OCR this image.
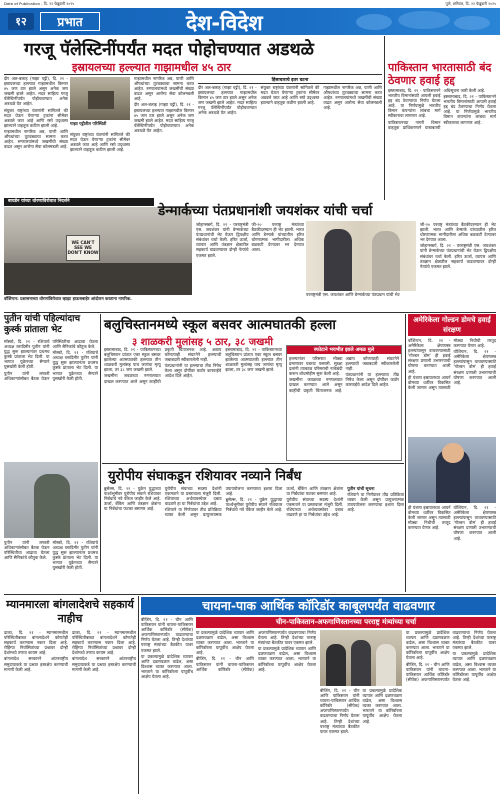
Date of Publication - दि. २२ फेब्रुवारी २०२५	पुणे, शनिवार, दि. २२ फेब्रुवारी २०२५
१२	प्रभात	देश-विदेश
गरजू पॅलेस्टिनींपर्यंत मदत पोहोचण्यात अडथळे
इस्रायलच्या हल्ल्यात गाझामधील ४५ ठार

दीर अल-बलाह (गाझा पट्टी), दि. २१ - इस्रायलच्या हल्ल्यात गाझामधील किमान ४५ जण ठार झाले असून अनेक जण जखमी झाले आहेत. मदत साहित्य गरजू पॅलेस्टिनींपर्यंत पोहोचवण्यात अनेक अडथळे येत आहेत.

संयुक्त राष्ट्रांच्या यंत्रणांनी सांगितले की मदत घेऊन येणाऱ्या ट्रकांना सीमेवर अडवले जात आहे आणि रस्ते उद्ध्वस्त झाल्याने वाहतूक कठीण झाली आहे.

गाझामधील नागरिक अन्न, पाणी आणि औषधांच्या तुटवड्याचा सामना करत आहेत. रुग्णालयांमध्ये जखमींची संख्या वाढत असून आरोग्य सेवा कोलमडली आहे.

गाझा पट्टीतील परिस्थिती

संयुक्त राष्ट्रांच्या यंत्रणांनी सांगितले की मदत घेऊन येणाऱ्या ट्रकांना सीमेवर अडवले जात आहे आणि रस्ते उद्ध्वस्त झाल्याने वाहतूक कठीण झाली आहे.

गाझामधील नागरिक अन्न, पाणी आणि औषधांच्या तुटवड्याचा सामना करत आहेत. रुग्णालयांमध्ये जखमींची संख्या वाढत असून आरोग्य सेवा कोलमडली आहे.

दीर अल-बलाह (गाझा पट्टी), दि. २१ - इस्रायलच्या हल्ल्यात गाझामधील किमान ४५ जण ठार झाले असून अनेक जण जखमी झाले आहेत. मदत साहित्य गरजू पॅलेस्टिनींपर्यंत पोहोचवण्यात अनेक अडथळे येत आहेत.

हिंसाचाराचे इतर घटना

दीर अल-बलाह (गाझा पट्टी), दि. २१ - इस्रायलच्या हल्ल्यात गाझामधील किमान ४५ जण ठार झाले असून अनेक जण जखमी झाले आहेत. मदत साहित्य गरजू पॅलेस्टिनींपर्यंत पोहोचवण्यात अनेक अडथळे येत आहेत.

संयुक्त राष्ट्रांच्या यंत्रणांनी सांगितले की मदत घेऊन येणाऱ्या ट्रकांना सीमेवर अडवले जात आहे आणि रस्ते उद्ध्वस्त झाल्याने वाहतूक कठीण झाली आहे.

गाझामधील नागरिक अन्न, पाणी आणि औषधांच्या तुटवड्याचा सामना करत आहेत. रुग्णालयांमध्ये जखमींची संख्या वाढत असून आरोग्य सेवा कोलमडली आहे.

पाकिस्तान भारतासाठी बंद ठेवणार हवाई हद्द

इस्लामाबाद, दि. २१ - पाकिस्तानने भारतीय विमानांसाठी आपली हवाई हद्द बंद ठेवण्याचा निर्णय घेतला आहे. या निर्णयामुळे भारतीय विमान कंपन्यांना लांबचा मार्ग स्वीकारावा लागणार आहे.

पाकिस्तानच्या नागरी विमान वाहतूक प्राधिकरणाने याबाबतची अधिसूचना जारी केली आहे.

इस्लामाबाद, दि. २१ - पाकिस्तानने भारतीय विमानांसाठी आपली हवाई हद्द बंद ठेवण्याचा निर्णय घेतला आहे. या निर्णयामुळे भारतीय विमान कंपन्यांना लांबचा मार्ग स्वीकारावा लागणार आहे.

बायडेन यांच्या धोरणाविरोधात निदर्शने
WE CAN'T SEE WE DON'T KNOW
वॉशिंग्टन: प्रशासनाच्या धोरणांविरोधात व्हाइट हाऊसबाहेर आंदोलन करताना नागरिक.
डेन्मार्कच्या पंतप्रधानांशी जयशंकर यांची चर्चा

जोहान्सबर्ग, दि. २१ - परराष्ट्रमंत्री एस. जयशंकर यांनी डेन्मार्कच्या पंतप्रधानांची भेट घेऊन द्विपक्षीय संबंधांवर चर्चा केली. हरित ऊर्जा, व्यापार आणि तंत्रज्ञान क्षेत्रातील सहकार्य वाढवण्यावर दोन्ही नेत्यांचे एकमत झाले.

जी-२० परराष्ट्र मंत्र्यांच्या बैठकीदरम्यान ही भेट झाली. भारत आणि डेन्मार्क यांच्यातील हरित धोरणात्मक भागीदारीला अधिक बळकटी देण्यावर भर देण्यात आला.

परराष्ट्रमंत्री एस. जयशंकर आणि डेन्मार्कच्या पंतप्रधान यांची भेट

जी-२० परराष्ट्र मंत्र्यांच्या बैठकीदरम्यान ही भेट झाली. भारत आणि डेन्मार्क यांच्यातील हरित धोरणात्मक भागीदारीला अधिक बळकटी देण्यावर भर देण्यात आला.

जोहान्सबर्ग, दि. २१ - परराष्ट्रमंत्री एस. जयशंकर यांनी डेन्मार्कच्या पंतप्रधानांची भेट घेऊन द्विपक्षीय संबंधांवर चर्चा केली. हरित ऊर्जा, व्यापार आणि तंत्रज्ञान क्षेत्रातील सहकार्य वाढवण्यावर दोन्ही नेत्यांचे एकमत झाले.

पुतीन यांची पहिल्यांदाच कुर्स्क प्रांताला भेट

मॉस्को, दि. २१ - रशियाचे अध्यक्ष व्लादिमीर पुतीन यांनी युद्ध सुरू झाल्यानंतर प्रथमच कुर्स्क प्रांताला भेट दिली. या भागात युक्रेनच्या सैन्याने घुसखोरी केली होती.

पुतीन यांनी लष्करी अधिकाऱ्यांसोबत बैठक घेऊन परिस्थितीचा आढावा घेतला आणि सैनिकांचे कौतुक केले.

मॉस्को, दि. २१ - रशियाचे अध्यक्ष व्लादिमीर पुतीन यांनी युद्ध सुरू झाल्यानंतर प्रथमच कुर्स्क प्रांताला भेट दिली. या भागात युक्रेनच्या सैन्याने घुसखोरी केली होती.

बलुचिस्तानमध्ये स्कूल बसवर आत्मघातकी हल्ला
३ शाळकरी मुलांसह ५ ठार, ३८ जखमी

इस्लामाबाद, दि. २१ - पाकिस्तानच्या बलुचिस्तान प्रांतात एका स्कूल बसवर झालेल्या आत्मघातकी हल्ल्यात तीन शाळकरी मुलांसह पाच जणांचा मृत्यू झाला, तर ३८ जण जखमी झाले.

जखमींना जवळच्या रुग्णालयात दाखल करण्यात आले असून काहींची प्रकृती चिंताजनक आहे. अद्याप कोणत्याही संघटनेने हल्ल्याची जबाबदारी स्वीकारलेली नाही.

पंतप्रधानांनी या हल्ल्याचा तीव्र निषेध केला असून दोषींवर कठोर कारवाईचे आदेश दिले आहेत.

इस्लामाबाद, दि. २१ - पाकिस्तानच्या बलुचिस्तान प्रांतात एका स्कूल बसवर झालेल्या आत्मघातकी हल्ल्यात तीन शाळकरी मुलांसह पाच जणांचा मृत्यू झाला, तर ३८ जण जखमी झाले.

स्फोटाने भयभीत झाले अमळ मुले

हल्ल्यानंतर परिसरात मोठ्या प्रमाणावर घबराट पसरली. सुरक्षा दलांनी तात्काळ परिसराची नाकेबंदी करून शोधमोहीम सुरू केली आहे.

जखमींना जवळच्या रुग्णालयात दाखल करण्यात आले असून काहींची प्रकृती चिंताजनक आहे. अद्याप कोणत्याही संघटनेने हल्ल्याची जबाबदारी स्वीकारलेली नाही.

पंतप्रधानांनी या हल्ल्याचा तीव्र निषेध केला असून दोषींवर कठोर कारवाईचे आदेश दिले आहेत.

अमेरिकेला गोल्डन डोमचे हवाई संरक्षण

वॉशिंग्टन, दि. २१ - अमेरिकेला क्षेपणास्त्र हल्ल्यांपासून वाचवण्यासाठी 'गोल्डन डोम' ही हवाई संरक्षण प्रणाली उभारण्याची घोषणा करण्यात आली आहे.

ही यंत्रणा इस्रायलच्या आयर्न डोमच्या धर्तीवर विकसित केली जाणार असून त्यासाठी मोठ्या निधीची तरतूद करण्यात येणार आहे.

वॉशिंग्टन, दि. २१ - अमेरिकेला क्षेपणास्त्र हल्ल्यांपासून वाचवण्यासाठी 'गोल्डन डोम' ही हवाई संरक्षण प्रणाली उभारण्याची घोषणा करण्यात आली आहे.

ही यंत्रणा इस्रायलच्या आयर्न डोमच्या धर्तीवर विकसित केली जाणार असून त्यासाठी मोठ्या निधीची तरतूद करण्यात येणार आहे.

वॉशिंग्टन, दि. २१ - अमेरिकेला क्षेपणास्त्र हल्ल्यांपासून वाचवण्यासाठी 'गोल्डन डोम' ही हवाई संरक्षण प्रणाली उभारण्याची घोषणा करण्यात आली आहे.

युरोपीय संघाकडून रशियावर नव्याने निर्बंध

ब्रुसेल्स, दि. २१ - युक्रेन युद्धाच्या पार्श्वभूमीवर युरोपीय संघाने रशियावर निर्बंधांचे नवे पॅकेज जाहीर केले आहे. ऊर्जा, बँकिंग आणि तंत्रज्ञान क्षेत्रांना या निर्बंधांचा फटका बसणार आहे.

युरोपीय संघाच्या सदस्य देशांनी एकमताने या प्रस्तावाला मंजुरी दिली. रशियाच्या अर्थव्यवस्थेवर दबाव वाढवणे हा या निर्बंधांचा उद्देश आहे.

रशियाने या निर्णयावर तीव्र प्रतिक्रिया व्यक्त केली असून प्रत्युत्तरात्मक उपाययोजना करण्याचा इशारा दिला आहे.

ब्रुसेल्स, दि. २१ - युक्रेन युद्धाच्या पार्श्वभूमीवर युरोपीय संघाने रशियावर निर्बंधांचे नवे पॅकेज जाहीर केले आहे. ऊर्जा, बँकिंग आणि तंत्रज्ञान क्षेत्रांना या निर्बंधांचा फटका बसणार आहे.

युरोपीय संघाच्या सदस्य देशांनी एकमताने या प्रस्तावाला मंजुरी दिली. रशियाच्या अर्थव्यवस्थेवर दबाव वाढवणे हा या निर्बंधांचा उद्देश आहे.

पुतीन यांची सूचना

रशियाने या निर्णयावर तीव्र प्रतिक्रिया व्यक्त केली असून प्रत्युत्तरात्मक उपाययोजना करण्याचा इशारा दिला आहे.

पुतीन यांनी लष्करी अधिकाऱ्यांसोबत बैठक घेऊन परिस्थितीचा आढावा घेतला आणि सैनिकांचे कौतुक केले.

मॉस्को, दि. २१ - रशियाचे अध्यक्ष व्लादिमीर पुतीन यांनी युद्ध सुरू झाल्यानंतर प्रथमच कुर्स्क प्रांताला भेट दिली. या भागात युक्रेनच्या सैन्याने घुसखोरी केली होती.

म्यानमारला बांगलादेशचे सहकार्य नाहीच

ढाका, दि. २१ - म्यानमारमधील परिस्थितीबाबत बांगलादेशने कोणतेही सहकार्य करण्यास नकार दिला आहे. रोहिंग्या निर्वासितांच्या प्रश्नावर दोन्ही देशांमध्ये तणाव कायम आहे.

बांगलादेश सरकारने आंतरराष्ट्रीय समुदायाकडे या प्रश्नात हस्तक्षेप करण्याची मागणी केली आहे.

ढाका, दि. २१ - म्यानमारमधील परिस्थितीबाबत बांगलादेशने कोणतेही सहकार्य करण्यास नकार दिला आहे. रोहिंग्या निर्वासितांच्या प्रश्नावर दोन्ही देशांमध्ये तणाव कायम आहे.

बांगलादेश सरकारने आंतरराष्ट्रीय समुदायाकडे या प्रश्नात हस्तक्षेप करण्याची मागणी केली आहे.

चायना-पाक आर्थिक कॉरिडॉर काबूलपर्यंत वाढवणार
चीन-पाकिस्तान-अफगाणिस्तानच्या परराष्ट्र मंत्र्यांच्या चर्चा

बीजिंग, दि. २१ - चीन आणि पाकिस्तान यांनी चायना-पाकिस्तान आर्थिक कॉरिडॉर (सीपेक) अफगाणिस्तानपर्यंत वाढवण्याचा निर्णय घेतला आहे. तिन्ही देशांच्या परराष्ट्र मंत्र्यांच्या बैठकीत यावर एकमत झाले.

या प्रकल्पामुळे प्रादेशिक व्यापार आणि दळणवळण वाढेल, असा विश्वास व्यक्त करण्यात आला. भारताने या कॉरिडॉरला यापूर्वीच आक्षेप घेतला आहे.

या प्रकल्पामुळे प्रादेशिक व्यापार आणि दळणवळण वाढेल, असा विश्वास व्यक्त करण्यात आला. भारताने या कॉरिडॉरला यापूर्वीच आक्षेप घेतला आहे.

बीजिंग, दि. २१ - चीन आणि पाकिस्तान यांनी चायना-पाकिस्तान आर्थिक कॉरिडॉर (सीपेक) अफगाणिस्तानपर्यंत वाढवण्याचा निर्णय घेतला आहे. तिन्ही देशांच्या परराष्ट्र मंत्र्यांच्या बैठकीत यावर एकमत झाले.

या प्रकल्पामुळे प्रादेशिक व्यापार आणि दळणवळण वाढेल, असा विश्वास व्यक्त करण्यात आला. भारताने या कॉरिडॉरला यापूर्वीच आक्षेप घेतला आहे.

बीजिंग, दि. २१ - चीन आणि पाकिस्तान यांनी चायना-पाकिस्तान आर्थिक कॉरिडॉर (सीपेक) अफगाणिस्तानपर्यंत वाढवण्याचा निर्णय घेतला आहे. तिन्ही देशांच्या परराष्ट्र मंत्र्यांच्या बैठकीत यावर एकमत झाले.

या प्रकल्पामुळे प्रादेशिक व्यापार आणि दळणवळण वाढेल, असा विश्वास व्यक्त करण्यात आला. भारताने या कॉरिडॉरला यापूर्वीच आक्षेप घेतला आहे.

या प्रकल्पामुळे प्रादेशिक व्यापार आणि दळणवळण वाढेल, असा विश्वास व्यक्त करण्यात आला. भारताने या कॉरिडॉरला यापूर्वीच आक्षेप घेतला आहे.

बीजिंग, दि. २१ - चीन आणि पाकिस्तान यांनी चायना-पाकिस्तान आर्थिक कॉरिडॉर (सीपेक) अफगाणिस्तानपर्यंत वाढवण्याचा निर्णय घेतला आहे. तिन्ही देशांच्या परराष्ट्र मंत्र्यांच्या बैठकीत यावर एकमत झाले.

या प्रकल्पामुळे प्रादेशिक व्यापार आणि दळणवळण वाढेल, असा विश्वास व्यक्त करण्यात आला. भारताने या कॉरिडॉरला यापूर्वीच आक्षेप घेतला आहे.
